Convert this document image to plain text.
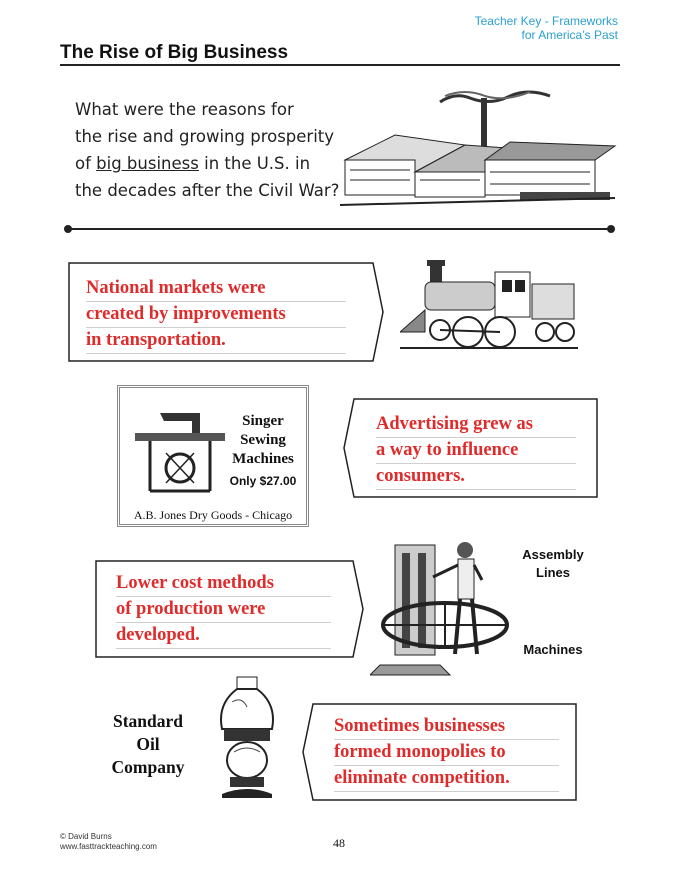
Teacher Key - Frameworks
for America’s Past
The Rise of Big Business
What were the reasons for
the rise and growing prosperity
of big business in the U.S. in
the decades after the Civil War?
National markets were
created by improvements
in transportation.
Singer
Sewing
Machines
Only $27.00
A.B. Jones Dry Goods - Chicago
Advertising grew as
a way to influence
consumers.
Lower cost methods
of production were
developed.
Assembly
Lines
Machines
Standard
Oil
Company
Sometimes businesses
formed monopolies to
eliminate competition.
© David Burns
www.fasttrackteaching.com	48
